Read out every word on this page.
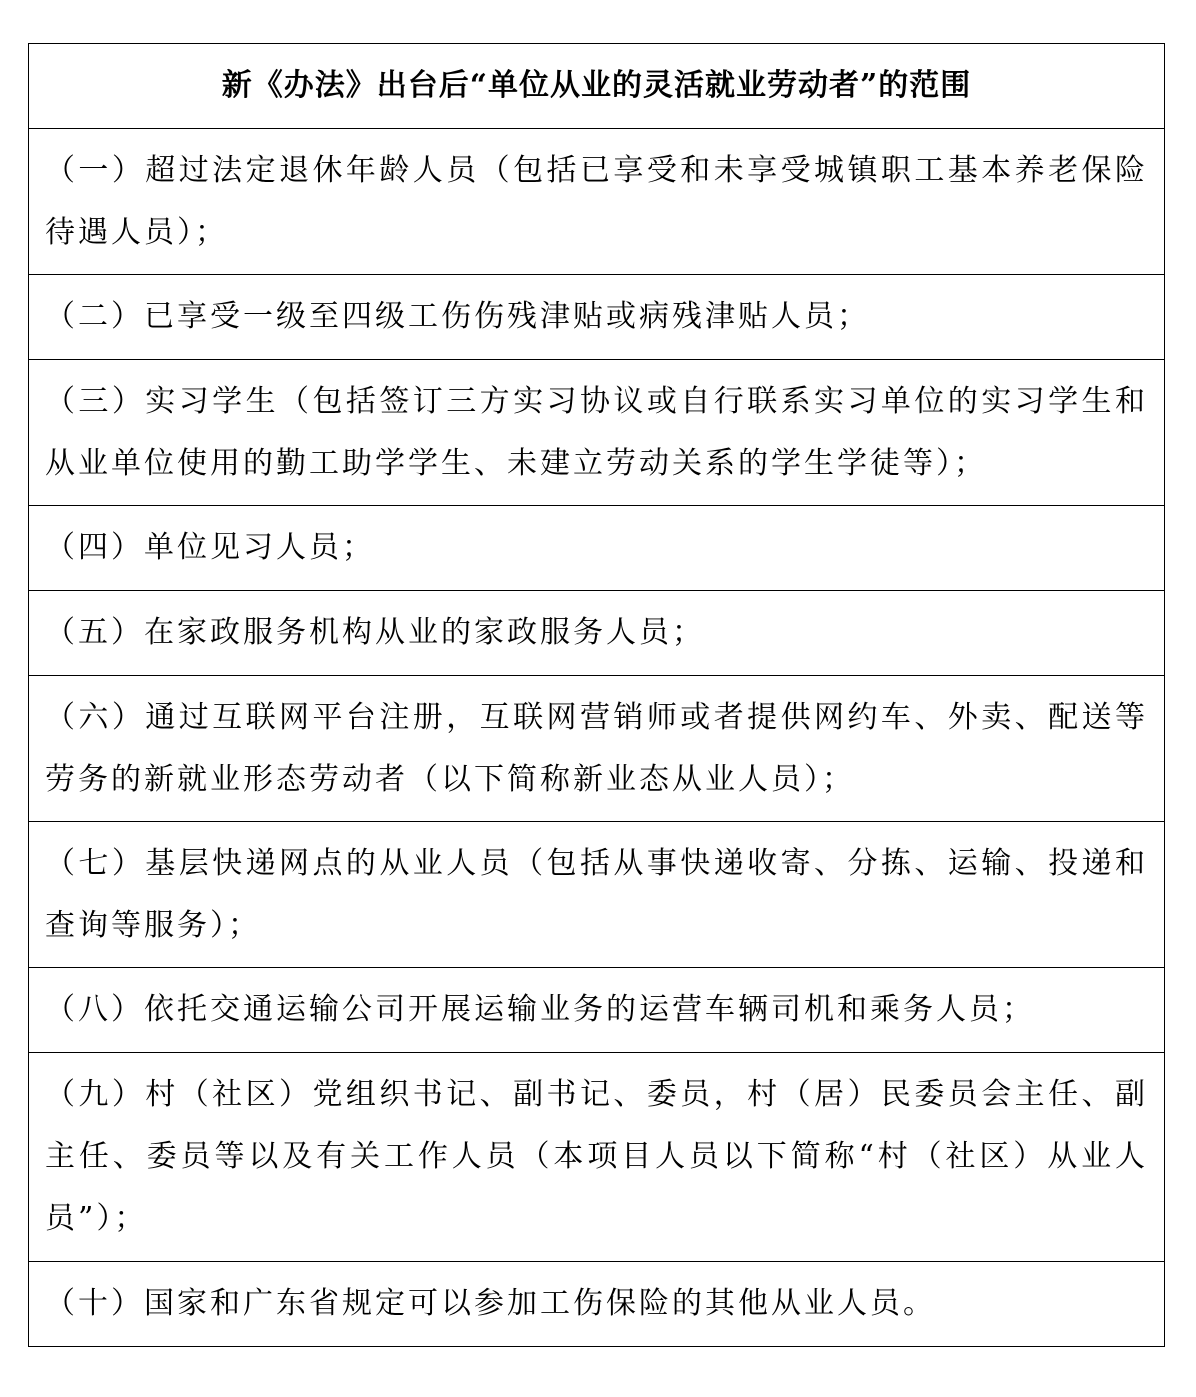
新《办法》出台后“单位从业的灵活就业劳动者”的范围
（一）超过法定退休年龄人员（包括已享受和未享受城镇职工基本养老保险待遇人员）；
（二）已享受一级至四级工伤伤残津贴或病残津贴人员；
（三）实习学生（包括签订三方实习协议或自行联系实习单位的实习学生和从业单位使用的勤工助学学生、未建立劳动关系的学生学徒等）；
（四）单位见习人员；
（五）在家政服务机构从业的家政服务人员；
（六）通过互联网平台注册，互联网营销师或者提供网约车、外卖、配送等劳务的新就业形态劳动者（以下简称新业态从业人员）；
（七）基层快递网点的从业人员（包括从事快递收寄、分拣、运输、投递和查询等服务）；
（八）依托交通运输公司开展运输业务的运营车辆司机和乘务人员；
（九）村（社区）党组织书记、副书记、委员，村（居）民委员会主任、副主任、委员等以及有关工作人员（本项目人员以下简称“村（社区）从业人员”）；
（十）国家和广东省规定可以参加工伤保险的其他从业人员。
